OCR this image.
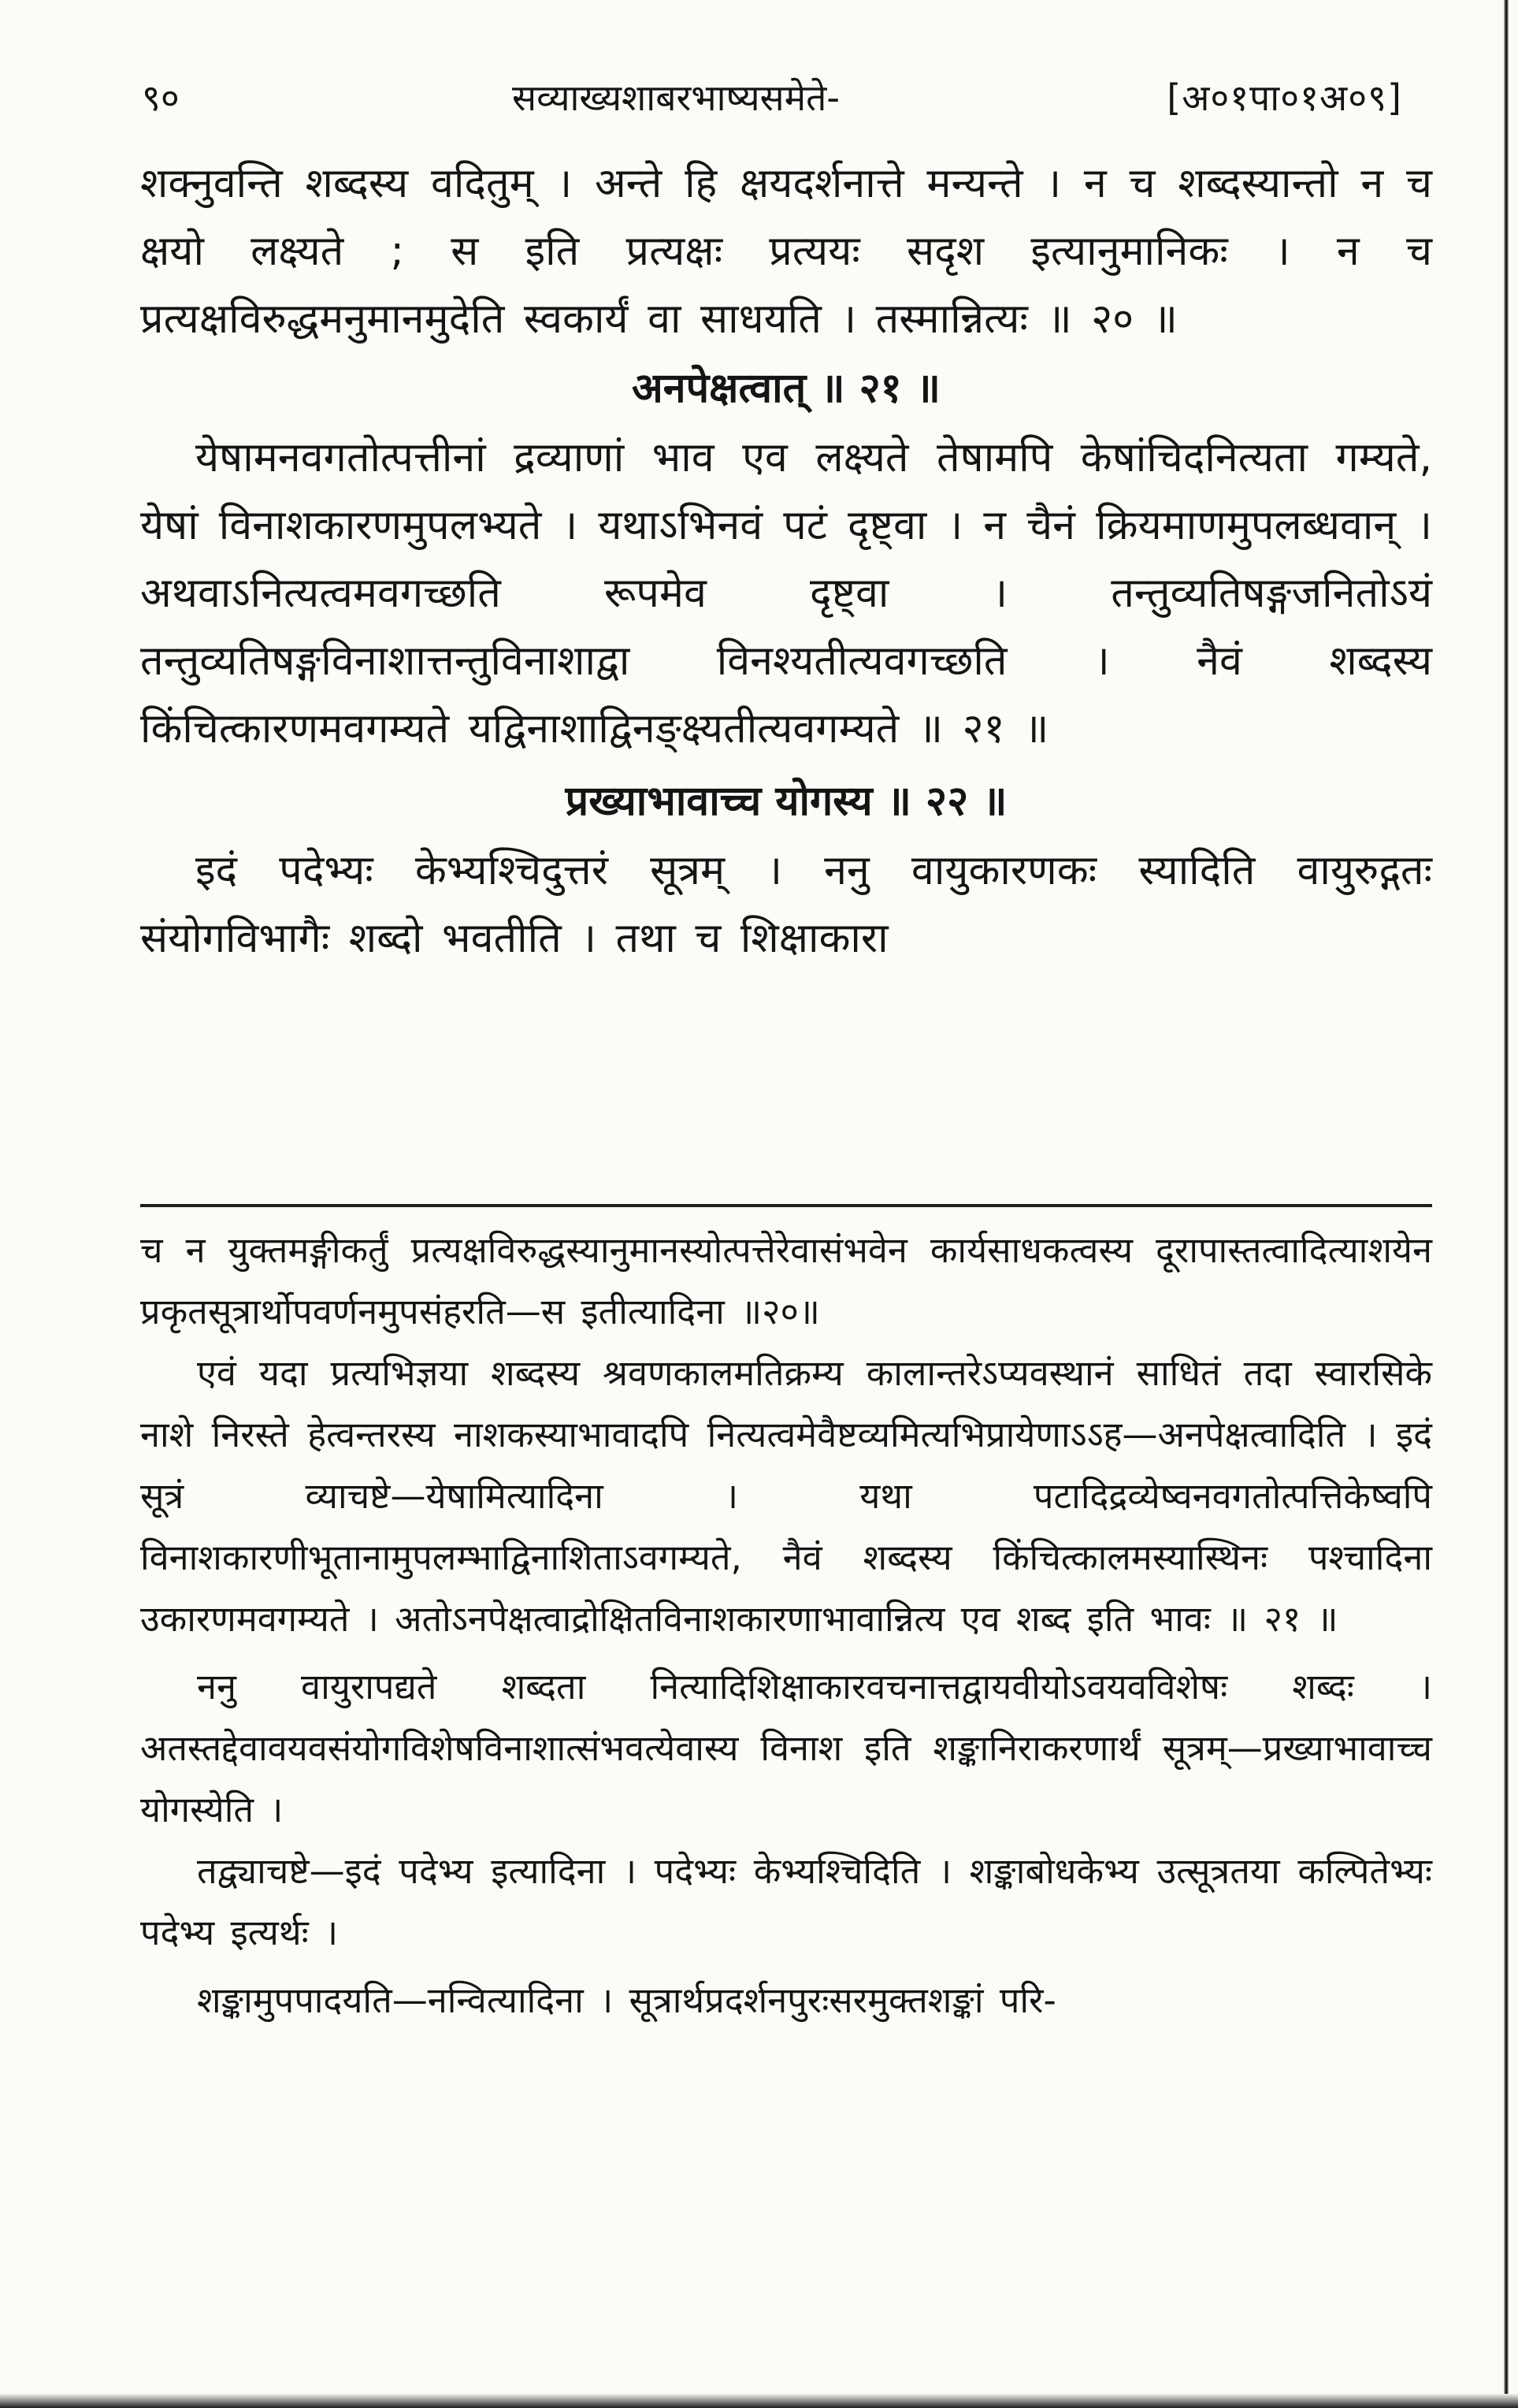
९०	सव्याख्यशाबरभाष्यसमेते-	[अ०१पा०१अ०९]

शक्नुवन्ति शब्दस्य वदितुम् । अन्ते हि क्षयदर्शनात्ते मन्यन्ते । न च शब्दस्यान्तो न च क्षयो लक्ष्यते ; स इति प्रत्यक्षः प्रत्ययः सदृश इत्यानुमानिकः । न च प्रत्यक्षविरुद्धमनुमानमुदेति स्वकार्यं वा साधयति । तस्मान्नित्यः ॥ २० ॥

अनपेक्षत्वात् ॥ २१ ॥

येषामनवगतोत्पत्तीनां द्रव्याणां भाव एव लक्ष्यते तेषामपि केषांचिदनित्यता गम्यते, येषां विनाशकारणमुपलभ्यते । यथाऽभिनवं पटं दृष्ट्वा । न चैनं क्रियमाणमुपलब्धवान् । अथवाऽनित्यत्वमवगच्छति रूपमेव दृष्ट्वा । तन्तुव्यतिषङ्गजनितोऽयं तन्तुव्यतिषङ्गविनाशात्तन्तुविनाशाद्वा विनश्यतीत्यवगच्छति । नैवं शब्दस्य किंचित्कारणमवगम्यते यद्विनाशाद्विनङ्क्ष्यतीत्यवगम्यते ॥ २१ ॥

प्रख्याभावाच्च योगस्य ॥ २२ ॥

इदं पदेभ्यः केभ्यश्चिदुत्तरं सूत्रम् । ननु वायुकारणकः स्यादिति वायुरुद्गतः संयोगविभागैः शब्दो भवतीति । तथा च शिक्षाकारा

च न युक्तमङ्गीकर्तुं प्रत्यक्षविरुद्धस्यानुमानस्योत्पत्तेरेवासंभवेन कार्यसाधकत्वस्य दूरापास्तत्वादित्याशयेन प्रकृतसूत्रार्थोपवर्णनमुपसंहरति—स इतीत्यादिना ॥२०॥

एवं यदा प्रत्यभिज्ञया शब्दस्य श्रवणकालमतिक्रम्य कालान्तरेऽप्यवस्थानं साधितं तदा स्वारसिके नाशे निरस्ते हेत्वन्तरस्य नाशकस्याभावादपि नित्यत्वमेवैष्टव्यमित्यभिप्रायेणाऽऽह—अनपेक्षत्वादिति । इदं सूत्रं व्याचष्टे—येषामित्यादिना । यथा पटादिद्रव्येष्वनवगतोत्पत्तिकेष्वपि विनाशकारणीभूतानामुपलम्भाद्विनाशिताऽवगम्यते, नैवं शब्दस्य किंचित्कालमस्यास्थिनः पश्चादिना उकारणमवगम्यते । अतोऽनपेक्षत्वाद्रोक्षितविनाशकारणाभावान्नित्य एव शब्द इति भावः ॥ २१ ॥

ननु वायुरापद्यते शब्दता नित्यादिशिक्षाकारवचनात्तद्वायवीयोऽवयवविशेषः शब्दः । अतस्तद्देवावयवसंयोगविशेषविनाशात्संभवत्येवास्य विनाश इति शङ्कानिराकरणार्थं सूत्रम्—प्रख्याभावाच्च योगस्येति ।

तद्व्याचष्टे—इदं पदेभ्य इत्यादिना । पदेभ्यः केभ्यश्चिदिति । शङ्काबोधकेभ्य उत्सूत्रतया कल्पितेभ्यः पदेभ्य इत्यर्थः ।

शङ्कामुपपादयति—नन्वित्यादिना । सूत्रार्थप्रदर्शनपुरःसरमुक्तशङ्कां परि-
